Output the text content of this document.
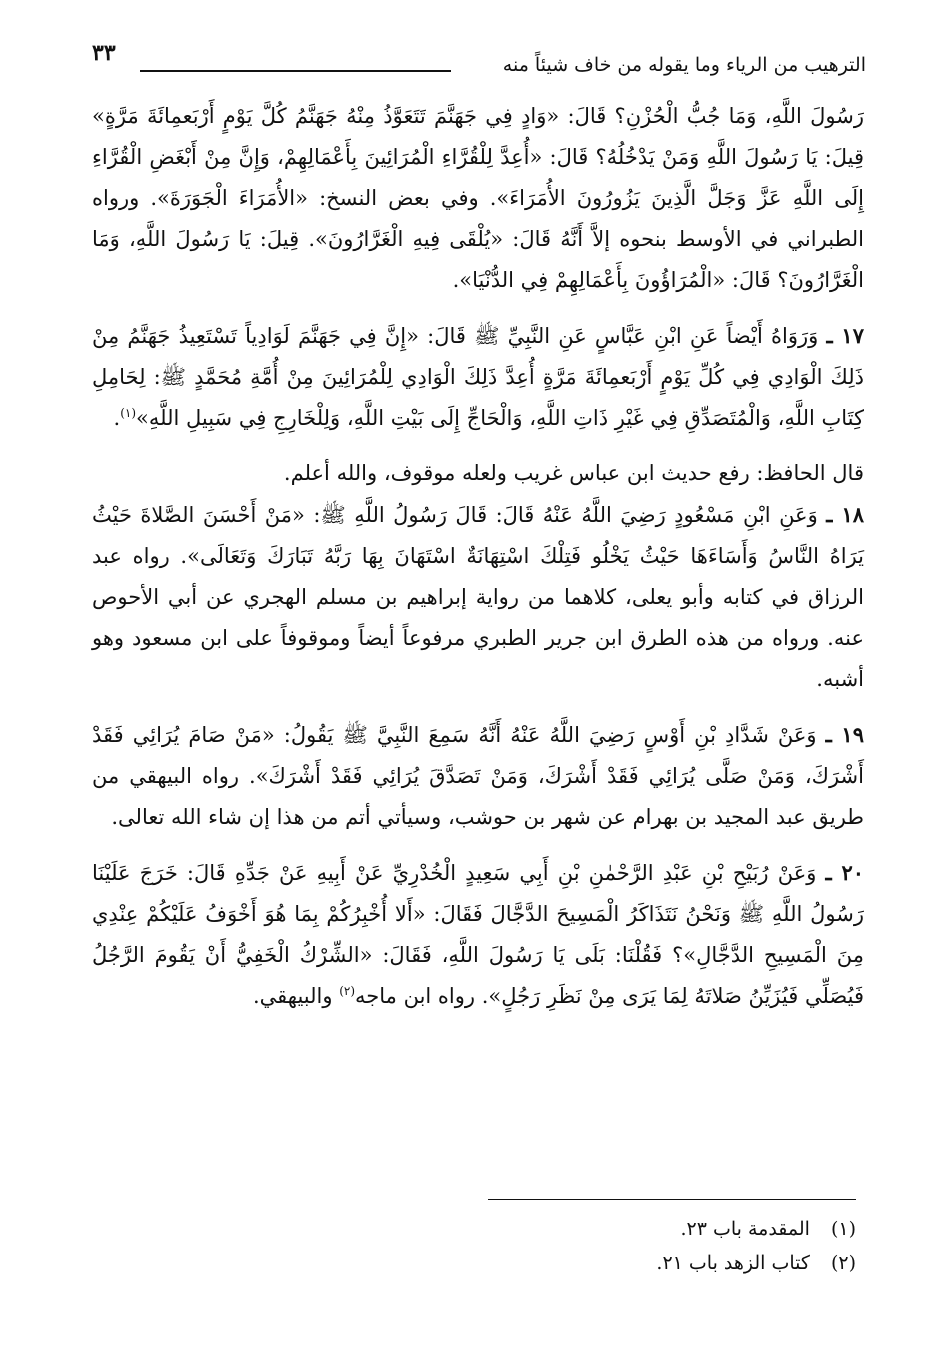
٣٣	الترهيب من الرياء وما يقوله من خاف شيئاً منه

رَسُولَ اللَّهِ، وَمَا جُبُّ الْحُزْنِ؟ قَالَ: «وَادٍ فِي جَهَنَّمَ تَتَعَوَّذُ مِنْهُ جَهَنَّمُ كُلَّ يَوْمٍ أَرْبَعمِائَةَ مَرَّةٍ» قِيلَ: يَا رَسُولَ اللَّهِ وَمَنْ يَدْخُلُهُ؟ قَالَ: «أُعِدَّ لِلْقُرَّاءِ الْمُرَائِينَ بِأَعْمَالِهِمْ، وَإِنَّ مِنْ أَبْغَضِ الْقُرَّاءِ إِلَى اللَّهِ عَزَّ وَجَلَّ الَّذِينَ يَزُورُونَ الأُمَرَاءَ». وفي بعض النسخ: «الأُمَرَاءَ الْجَوَرَةَ». ورواه الطبراني في الأوسط بنحوه إلاَّ أَنَّهُ قَالَ: «يُلْقَى فِيهِ الْغَرَّارُونَ». قِيلَ: يَا رَسُولَ اللَّهِ، وَمَا الْغَرَّارُونَ؟ قَالَ: «الْمُرَاؤُونَ بِأَعْمَالِهِمْ فِي الدُّنْيَا».

١٧ ـ وَرَوَاهُ أَيْضاً عَنِ ابْنِ عَبَّاسٍ عَنِ النَّبِيِّ ﷺ قَالَ: «إِنَّ فِي جَهَنَّمَ لَوَادِياً تَسْتَعِيذُ جَهَنَّمُ مِنْ ذَلِكَ الْوَادِي فِي كُلِّ يَوْمٍ أَرْبَعمِائَةَ مَرَّةٍ أُعِدَّ ذَلِكَ الْوَادِي لِلْمُرَائِينَ مِنْ أُمَّةِ مُحَمَّدٍ ﷺ: لِحَامِلِ كِتَابِ اللَّهِ، وَالْمُتَصَدِّقِ فِي غَيْرِ ذَاتِ اللَّهِ، وَالْحَاجِّ إِلَى بَيْتِ اللَّهِ، وَلِلْخَارِجِ فِي سَبِيلِ اللَّهِ»$^{(١)}$.

قال الحافظ: رفع حديث ابن عباس غريب ولعله موقوف، والله أعلم.

١٨ ـ وَعَنِ ابْنِ مَسْعُودٍ رَضِيَ اللَّهُ عَنْهُ قَالَ: قَالَ رَسُولُ اللَّهِ ﷺ: «مَنْ أَحْسَنَ الصَّلاةَ حَيْثُ يَرَاهُ النَّاسُ وَأَسَاءَهَا حَيْثُ يَخْلُو فَتِلْكَ اسْتِهَانَةٌ اسْتَهَانَ بِهَا رَبَّهُ تَبَارَكَ وَتَعَالَى». رواه عبد الرزاق في كتابه وأبو يعلى، كلاهما من رواية إبراهيم بن مسلم الهجري عن أبي الأحوص عنه. ورواه من هذه الطرق ابن جرير الطبري مرفوعاً أيضاً وموقوفاً على ابن مسعود وهو أشبه.

١٩ ـ وَعَنْ شَدَّادِ بْنِ أَوْسٍ رَضِيَ اللَّهُ عَنْهُ أَنَّهُ سَمِعَ النَّبِيَّ ﷺ يَقُولُ: «مَنْ صَامَ يُرَائِي فَقَدْ أَشْرَكَ، وَمَنْ صَلَّى يُرَائِي فَقَدْ أَشْرَكَ، وَمَنْ تَصَدَّقَ يُرَائِي فَقَدْ أَشْرَكَ». رواه البيهقي من طريق عبد المجيد بن بهرام عن شهر بن حوشب، وسيأتي أتم من هذا إن شاء الله تعالى.

٢٠ ـ وَعَنْ رُبَيْحِ بْنِ عَبْدِ الرَّحْمٰنِ بْنِ أَبِي سَعِيدٍ الْخُدْرِيِّ عَنْ أَبِيهِ عَنْ جَدِّهِ قَالَ: خَرَجَ عَلَيْنَا رَسُولُ اللَّهِ ﷺ وَنَحْنُ نَتَذَاكَرُ الْمَسِيحَ الدَّجَّالَ فَقَالَ: «أَلا أُخْبِرُكُمْ بِمَا هُوَ أَخْوَفُ عَلَيْكُمْ عِنْدِي مِنَ الْمَسِيحِ الدَّجَّالِ»؟ فَقُلْنَا: بَلَى يَا رَسُولَ اللَّهِ، فَقَالَ: «الشِّرْكُ الْخَفِيُّ أَنْ يَقُومَ الرَّجُلُ فَيُصَلِّي فَيُزَيِّنُ صَلاتَهُ لِمَا يَرَى مِنْ نَظَرِ رَجُلٍ». رواه ابن ماجه$^{(٢)}$ والبيهقي.

(١) المقدمة باب ٢٣.
(٢) كتاب الزهد باب ٢١.
